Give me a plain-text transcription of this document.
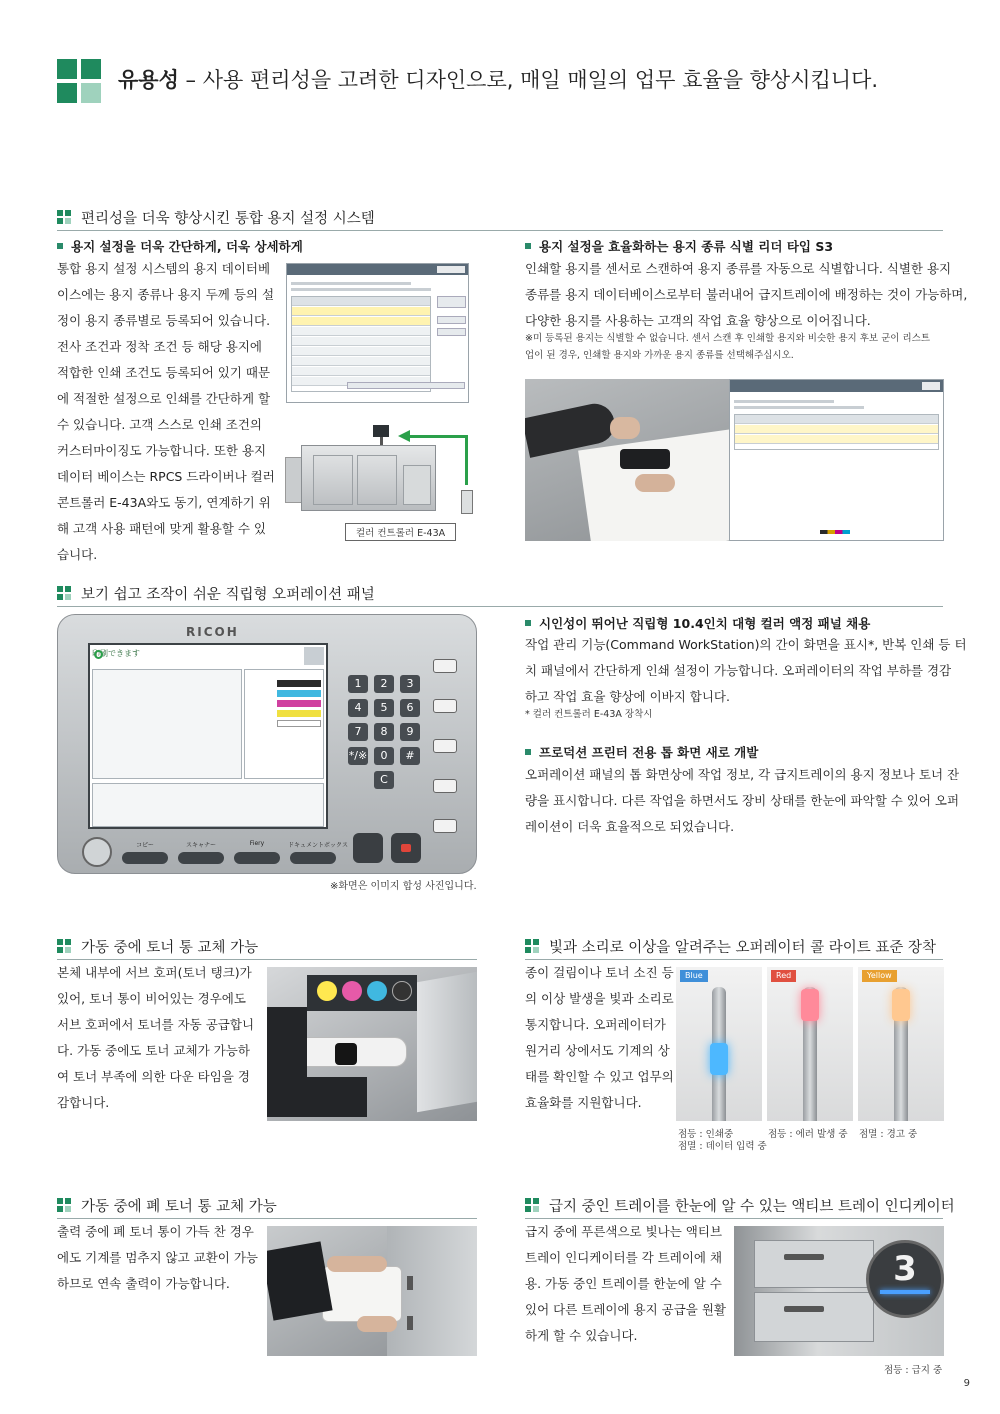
유용성 – 사용 편리성을 고려한 디자인으로, 매일 매일의 업무 효율을 향상시킵니다.
편리성을 더욱 향상시킨 통합 용지 설정 시스템
용지 설정을 더욱 간단하게, 더욱 상세하게
통합 용지 설정 시스템의 용지 데이터베
이스에는 용지 종류나 용지 두께 등의 설
정이 용지 종류별로 등록되어 있습니다.
전사 조건과 정착 조건 등 해당 용지에
적합한 인쇄 조건도 등록되어 있기 때문
에 적절한 설정으로 인쇄를 간단하게 할
수 있습니다. 고객 스스로 인쇄 조건의
커스터마이징도 가능합니다. 또한 용지
데이터 베이스는 RPCS 드라이버나 컬러
콘트롤러 E-43A와도 동기, 연계하기 위
해 고객 사용 패턴에 맞게 활용할 수 있
습니다.
컬러 컨트롤러 E-43A
용지 설정을 효율화하는 용지 종류 식별 리더 타입 S3
인쇄할 용지를 센서로 스캔하여 용지 종류를 자동으로 식별합니다. 식별한 용지
종류를 용지 데이터베이스로부터 불러내어 급지트레이에 배정하는 것이 가능하며,
다양한 용지를 사용하는 고객의 작업 효율 향상으로 이어집니다.
※미 등록된 용지는 식별할 수 없습니다. 센서 스캔 후 인쇄할 용지와 비슷한 용지 후보 군이 리스트
업이 된 경우, 인쇄할 용지와 가까운 용지 종류를 선택해주십시오.
보기 쉽고 조작이 쉬운 직립형 오퍼레이션 패널
RICOH
印刷できます
1	2	3
4	5	6
7	8	9
*/※	0	#
C
コピー	スキャナー	Fiery	ドキュメントボックス
※화면은 이미지 합성 사진입니다.
시인성이 뛰어난 직립형 10.4인치 대형 컬러 액정 패널 채용
작업 관리 기능(Command WorkStation)의 간이 화면을 표시*, 반복 인쇄 등 터
치 패널에서 간단하게 인쇄 설정이 가능합니다. 오퍼레이터의 작업 부하를 경감
하고 작업 효율 향상에 이바지 합니다.
* 컬러 컨트롤러 E-43A 장착시
프로덕션 프린터 전용 톱 화면 새로 개발
오퍼레이션 패널의 톱 화면상에 작업 정보, 각 급지트레이의 용지 정보나 토너 잔
량을 표시합니다. 다른 작업을 하면서도 장비 상태를 한눈에 파악할 수 있어 오퍼
레이션이 더욱 효율적으로 되었습니다.
가동 중에 토너 통 교체 가능
본체 내부에 서브 호퍼(토너 탱크)가
있어, 토너 통이 비어있는 경우에도
서브 호퍼에서 토너를 자동 공급합니
다. 가동 중에도 토너 교체가 가능하
여 토너 부족에 의한 다운 타임을 경
감합니다.
빛과 소리로 이상을 알려주는 오퍼레이터 콜 라이트 표준 장착
종이 걸림이나 토너 소진 등
의 이상 발생을 빛과 소리로
통지합니다. 오퍼레이터가
원거리 상에서도 기계의 상
태를 확인할 수 있고 업무의
효율화를 지원합니다.
Blue	Red	Yellow
점등 : 인쇄중
점멸 : 데이터 입력 중
점등 : 에러 발생 중 점멸 : 경고 중
가동 중에 폐 토너 통 교체 가능
출력 중에 폐 토너 통이 가득 찬 경우
에도 기계를 멈추지 않고 교환이 가능
하므로 연속 출력이 가능합니다.
급지 중인 트레이를 한눈에 알 수 있는 액티브 트레이 인디케이터
급지 중에 푸른색으로 빛나는 액티브
트레이 인디케이터를 각 트레이에 채
용. 가동 중인 트레이를 한눈에 알 수
있어 다른 트레이에 용지 공급을 원활
하게 할 수 있습니다.
3
점등 : 급지 중
9
